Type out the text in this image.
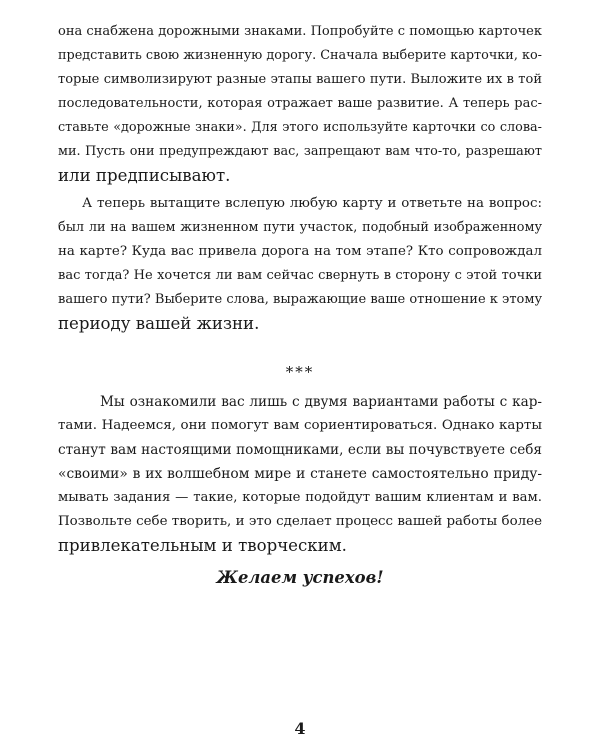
она снабжена дорожными знаками. Попробуйте с помощью карточек
представить свою жизненную дорогу. Сначала выберите карточки, ко-
торые символизируют разные этапы вашего пути. Выложите их в той
последовательности, которая отражает ваше развитие. А теперь рас-
ставьте «дорожные знаки». Для этого используйте карточки со слова-
ми. Пусть они предупреждают вас, запрещают вам что-то, разрешают
или предписывают.
А теперь вытащите вслепую любую карту и ответьте на вопрос:
был ли на вашем жизненном пути участок, подобный изображенному
на карте? Куда вас привела дорога на том этапе? Кто сопровождал
вас тогда? Не хочется ли вам сейчас свернуть в сторону с этой точки
вашего пути? Выберите слова, выражающие ваше отношение к этому
периоду вашей жизни.
***
Мы ознакомили вас лишь с двумя вариантами работы с кар-
тами. Надеемся, они помогут вам сориентироваться. Однако карты
станут вам настоящими помощниками, если вы почувствуете себя
«своими» в их волшебном мире и станете самостоятельно приду-
мывать задания — такие, которые подойдут вашим клиентам и вам.
Позвольте себе творить, и это сделает процесс вашей работы более
привлекательным и творческим.
Желаем успехов!
4
